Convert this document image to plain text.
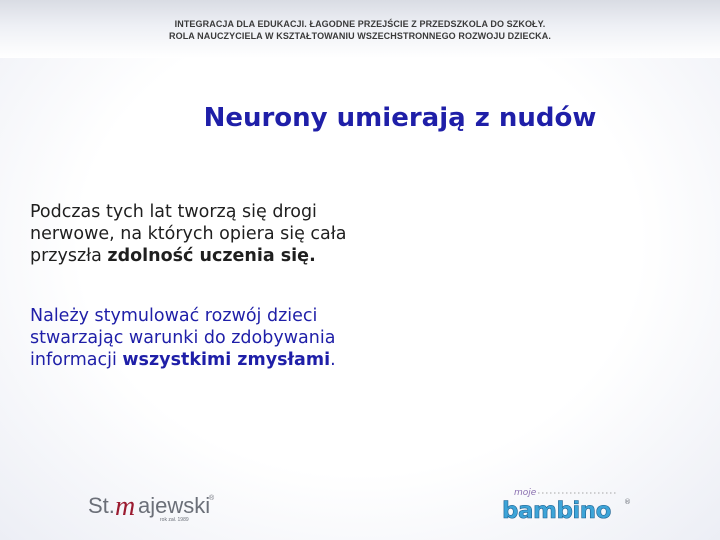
INTEGRACJA DLA EDUKACJI. ŁAGODNE PRZEJŚCIE Z PRZEDSZKOLA DO SZKOŁY.
ROLA NAUCZYCIELA W KSZTAŁTOWANIU WSZECHSTRONNEGO ROZWOJU DZIECKA.
Neurony umierają z nudów
Podczas tych lat tworzą się drogi
nerwowe, na których opiera się cała
przyszła zdolność uczenia się.
Należy stymulować rozwój dzieci
stwarzając warunki do zdobywania
informacji wszystkimi zmysłami.
St. m ajewski
®
rok zał. 1989
moje
bambino ®
